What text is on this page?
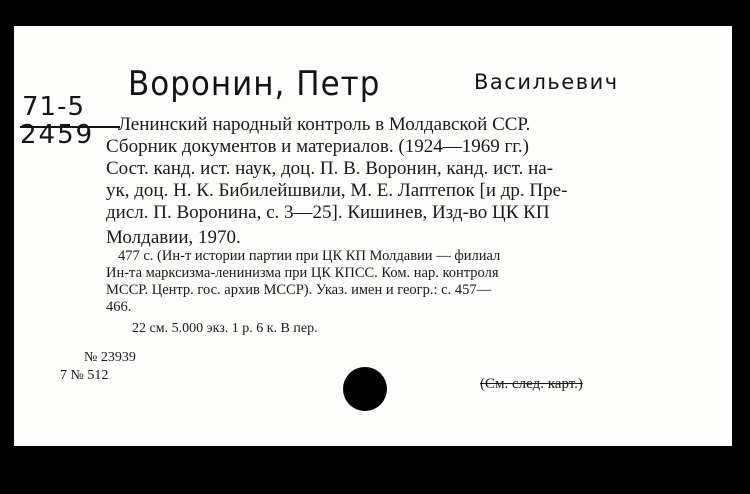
Воронин, Петр	Васильевич
71-5
2459 Ленинский народный контроль в Молдавской ССР.
Сборник документов и материалов. (1924—1969 гг.)
Сост. канд. ист. наук, доц. П. В. Воронин, канд. ист. на-
ук, доц. Н. К. Бибилейшвили, М. Е. Лаптепок [и др. Пре-
дисл. П. Воронина, с. 3—25]. Кишинев, Изд-во ЦК КП
Молдавии, 1970.
477 с. (Ин-т истории партии при ЦК КП Молдавии — филиал
Ин-та марксизма-ленинизма при ЦК КПСС. Ком. нар. контроля
МССР. Центр. гос. архив МССР). Указ. имен и геогр.: с. 457—
466.
22 см. 5.000 экз. 1 р. 6 к. В пер.
№ 23939
7 № 512
(См. след. карт.)
